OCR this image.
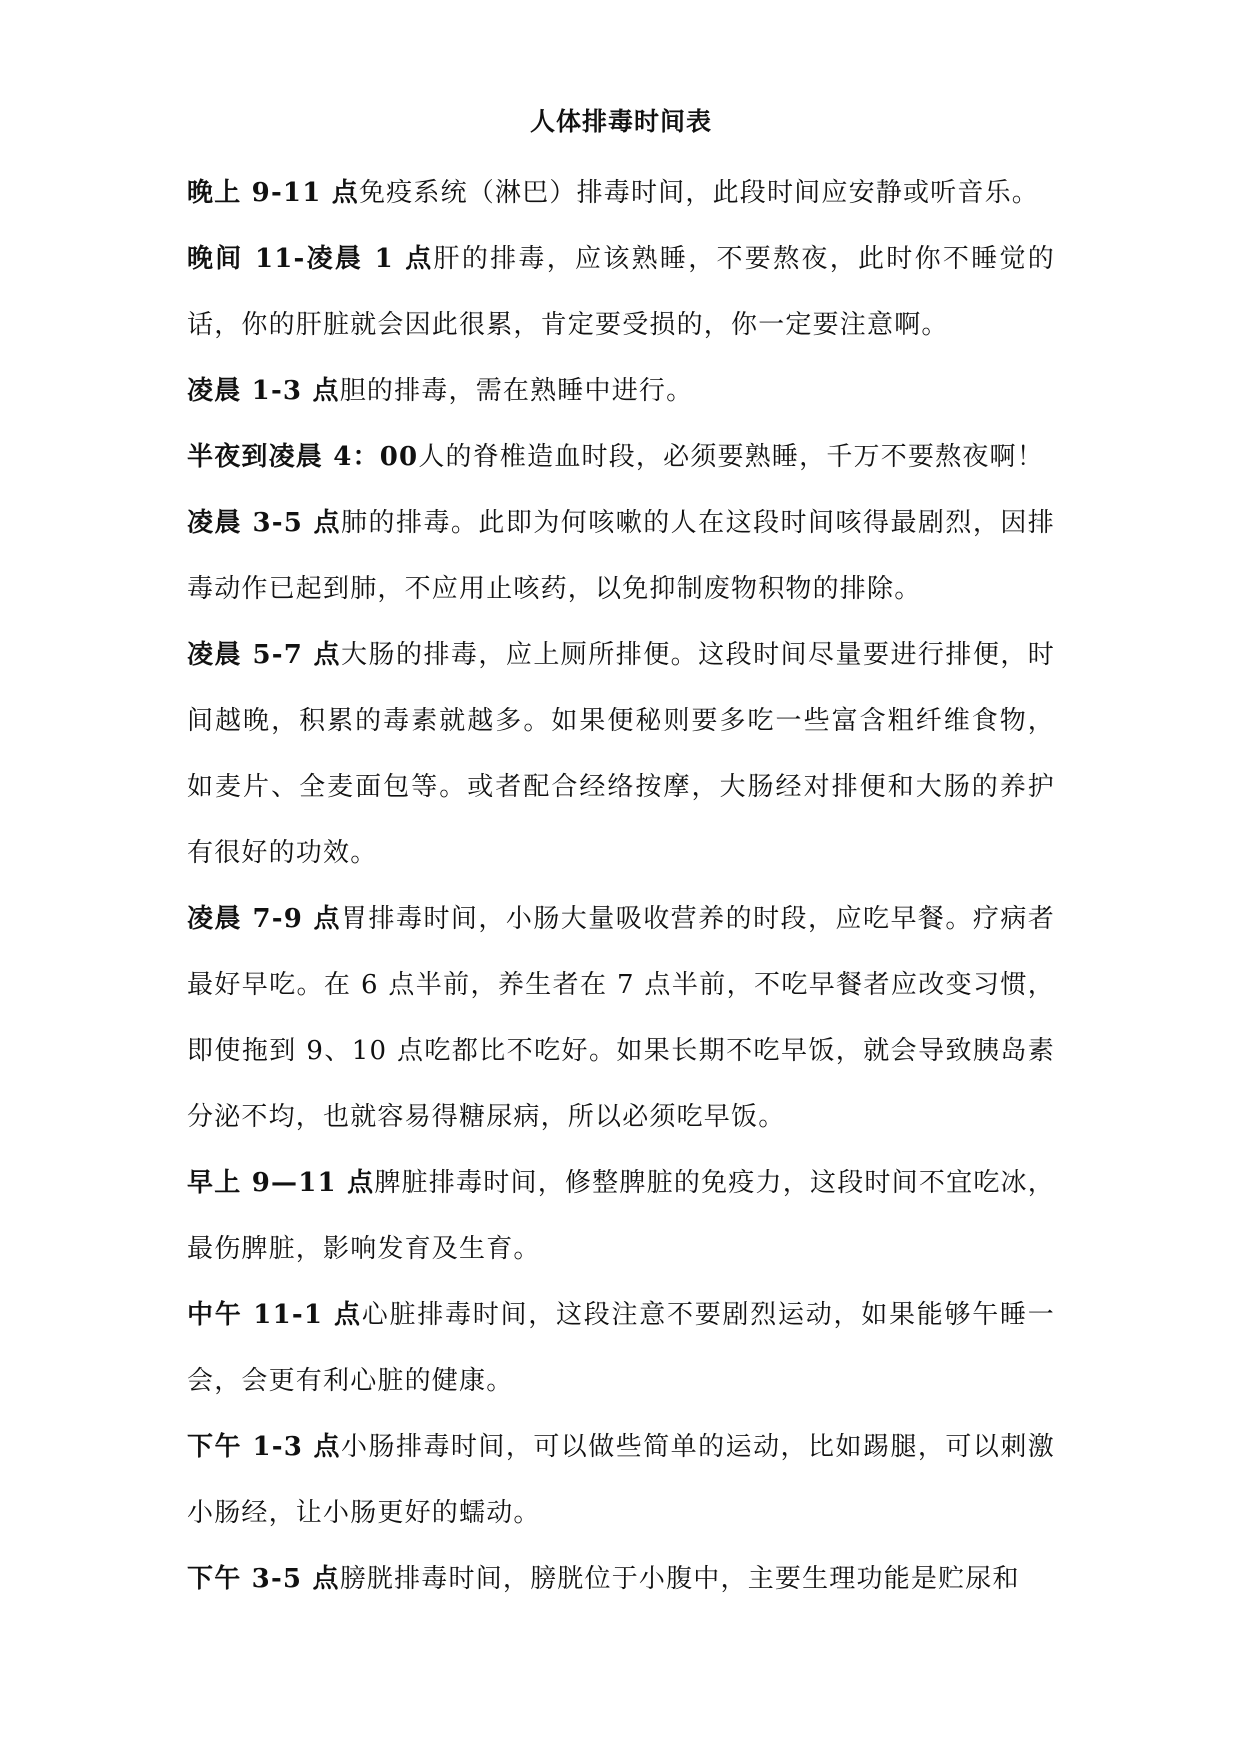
人体排毒时间表

晚上 9-11 点免疫系统（淋巴）排毒时间，此段时间应安静或听音乐。

晚间 11-凌晨 1 点肝的排毒，应该熟睡，不要熬夜，此时你不睡觉的话，你的肝脏就会因此很累，肯定要受损的，你一定要注意啊。

凌晨 1-3 点胆的排毒，需在熟睡中进行。

半夜到凌晨 4：00人的脊椎造血时段，必须要熟睡，千万不要熬夜啊！

凌晨 3-5 点肺的排毒。此即为何咳嗽的人在这段时间咳得最剧烈，因排毒动作已起到肺，不应用止咳药，以免抑制废物积物的排除。

凌晨 5-7 点大肠的排毒，应上厕所排便。这段时间尽量要进行排便，时间越晚，积累的毒素就越多。如果便秘则要多吃一些富含粗纤维食物，如麦片、全麦面包等。或者配合经络按摩，大肠经对排便和大肠的养护有很好的功效。

凌晨 7-9 点胃排毒时间，小肠大量吸收营养的时段，应吃早餐。疗病者最好早吃。在 6 点半前，养生者在 7 点半前，不吃早餐者应改变习惯，即使拖到 9、10 点吃都比不吃好。如果长期不吃早饭，就会导致胰岛素分泌不均，也就容易得糖尿病，所以必须吃早饭。

早上 9—11 点脾脏排毒时间，修整脾脏的免疫力，这段时间不宜吃冰，最伤脾脏，影响发育及生育。

中午 11-1 点心脏排毒时间，这段注意不要剧烈运动，如果能够午睡一会，会更有利心脏的健康。

下午 1-3 点小肠排毒时间，可以做些简单的运动，比如踢腿，可以刺激小肠经，让小肠更好的蠕动。

下午 3-5 点膀胱排毒时间，膀胱位于小腹中，主要生理功能是贮尿和
